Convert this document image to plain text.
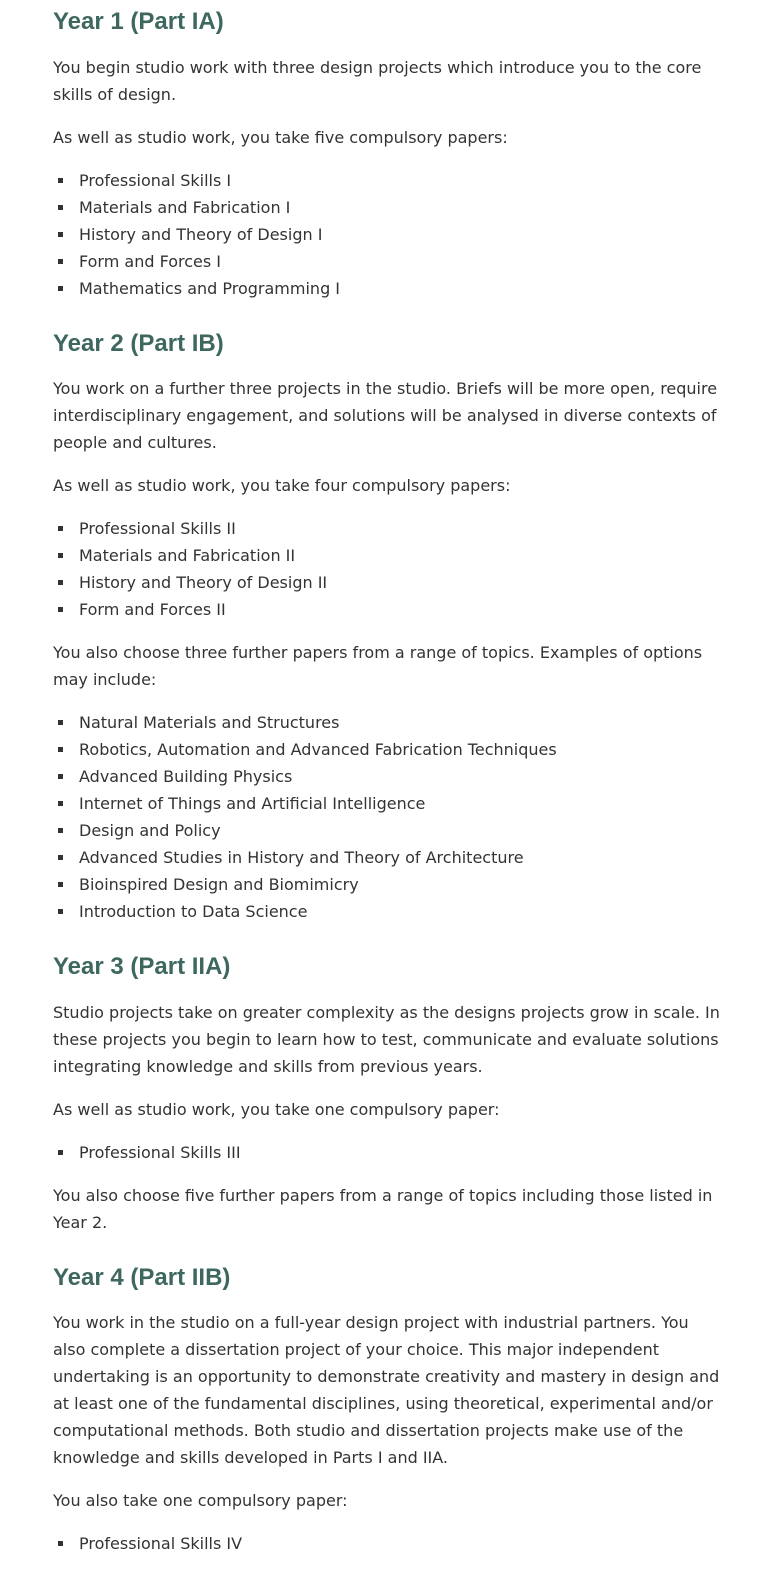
Year 1 (Part IA)

You begin studio work with three design projects which introduce you to the core skills of design.

As well as studio work, you take five compulsory papers:

▪ Professional Skills I
▪ Materials and Fabrication I
▪ History and Theory of Design I
▪ Form and Forces I
▪ Mathematics and Programming I
Year 2 (Part IB)

You work on a further three projects in the studio. Briefs will be more open, require interdisciplinary engagement, and solutions will be analysed in diverse contexts of people and cultures.

As well as studio work, you take four compulsory papers:

▪ Professional Skills II
▪ Materials and Fabrication II
▪ History and Theory of Design II
▪ Form and Forces II

You also choose three further papers from a range of topics. Examples of options may include:

▪ Natural Materials and Structures
▪ Robotics, Automation and Advanced Fabrication Techniques
▪ Advanced Building Physics
▪ Internet of Things and Artificial Intelligence
▪ Design and Policy
▪ Advanced Studies in History and Theory of Architecture
▪ Bioinspired Design and Biomimicry
▪ Introduction to Data Science
Year 3 (Part IIA)

Studio projects take on greater complexity as the designs projects grow in scale. In these projects you begin to learn how to test, communicate and evaluate solutions integrating knowledge and skills from previous years.

As well as studio work, you take one compulsory paper:

▪ Professional Skills III

You also choose five further papers from a range of topics including those listed in Year 2.

Year 4 (Part IIB)

You work in the studio on a full-year design project with industrial partners. You also complete a dissertation project of your choice. This major independent undertaking is an opportunity to demonstrate creativity and mastery in design and at least one of the fundamental disciplines, using theoretical, experimental and/or computational methods. Both studio and dissertation projects make use of the knowledge and skills developed in Parts I and IIA.

You also take one compulsory paper:

▪ Professional Skills IV
